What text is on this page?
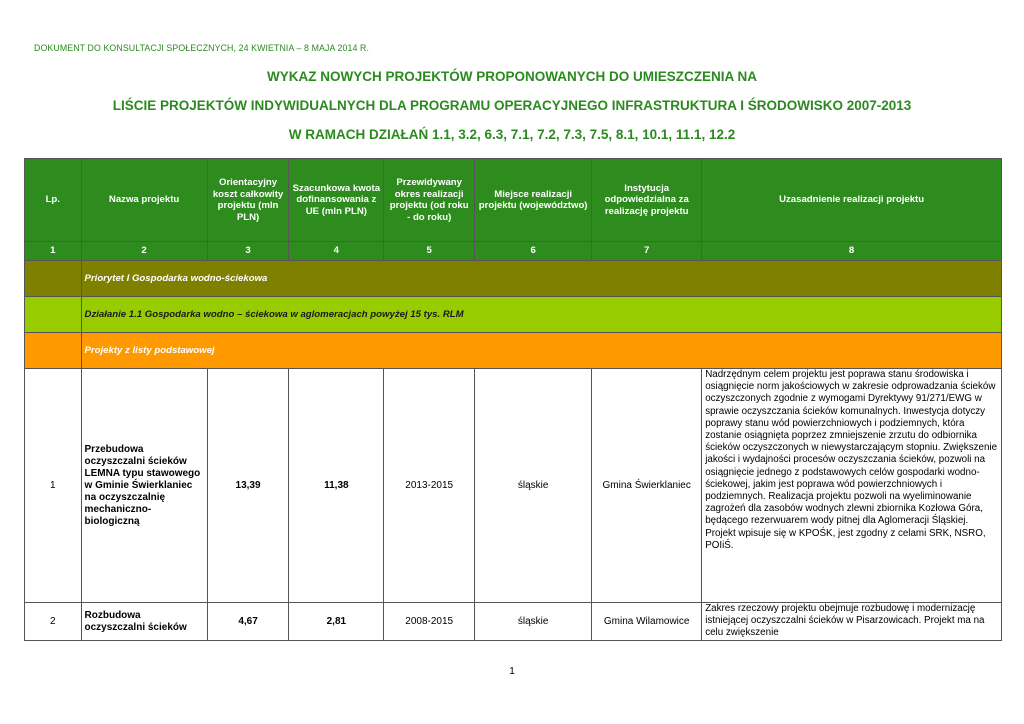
DOKUMENT DO KONSULTACJI SPOŁECZNYCH, 24 KWIETNIA – 8 MAJA 2014 R.
WYKAZ NOWYCH PROJEKTÓW PROPONOWANYCH DO UMIESZCZENIA NA
LIŚCIE PROJEKTÓW INDYWIDUALNYCH DLA PROGRAMU OPERACYJNEGO INFRASTRUKTURA I ŚRODOWISKO 2007-2013
W RAMACH DZIAŁAŃ 1.1, 3.2, 6.3, 7.1, 7.2, 7.3, 7.5, 8.1, 10.1, 11.1, 12.2
Lp.	Nazwa projektu	Orientacyjny koszt całkowity projektu (mln PLN)	Szacunkowa kwota dofinansowania z UE (mln PLN)	Przewidywany okres realizacji projektu (od roku - do roku)	Miejsce realizacji projektu (województwo)	Instytucja odpowiedzialna za realizację projektu	Uzasadnienie realizacji projektu
1	2	3	4	5	6	7	8
	Priorytet I Gospodarka wodno-ściekowa						
	Działanie 1.1 Gospodarka wodno – ściekowa w aglomeracjach powyżej 15 tys. RLM						
	Projekty z listy podstawowej						
1	Przebudowa oczyszczalni ścieków LEMNA typu stawowego w Gminie Świerklaniec na oczyszczalnię mechaniczno-biologiczną	13,39	11,38	2013-2015	śląskie	Gmina Świerklaniec	Nadrzędnym celem projektu jest poprawa stanu środowiska i osiągnięcie norm jakościowych w zakresie odprowadzania ścieków oczyszczonych zgodnie z wymogami Dyrektywy 91/271/EWG w sprawie oczyszczania ścieków komunalnych. Inwestycja dotyczy poprawy stanu wód powierzchniowych i podziemnych, która zostanie osiągnięta poprzez zmniejszenie zrzutu do odbiornika ścieków oczyszczonych w niewystarczającym stopniu. Zwiększenie jakości i wydajności procesów oczyszczania ścieków, pozwoli na osiągnięcie jednego z podstawowych celów gospodarki wodno-ściekowej, jakim jest poprawa wód powierzchniowych i podziemnych. Realizacja projektu pozwoli na wyeliminowanie zagrożeń dla zasobów wodnych zlewni zbiornika Kozłowa Góra, będącego rezerwuarem wody pitnej dla Aglomeracji Śląskiej.

Projekt wpisuje się w KPOŚK, jest zgodny z celami SRK, NSRO, POIiŚ.

2	Rozbudowa oczyszczalni ścieków	4,67	2,81	2008-2015	śląskie	Gmina Wilamowice	Zakres rzeczowy projektu obejmuje rozbudowę i modernizację istniejącej oczyszczalni ścieków w Pisarzowicach. Projekt ma na celu zwiększenie

1
